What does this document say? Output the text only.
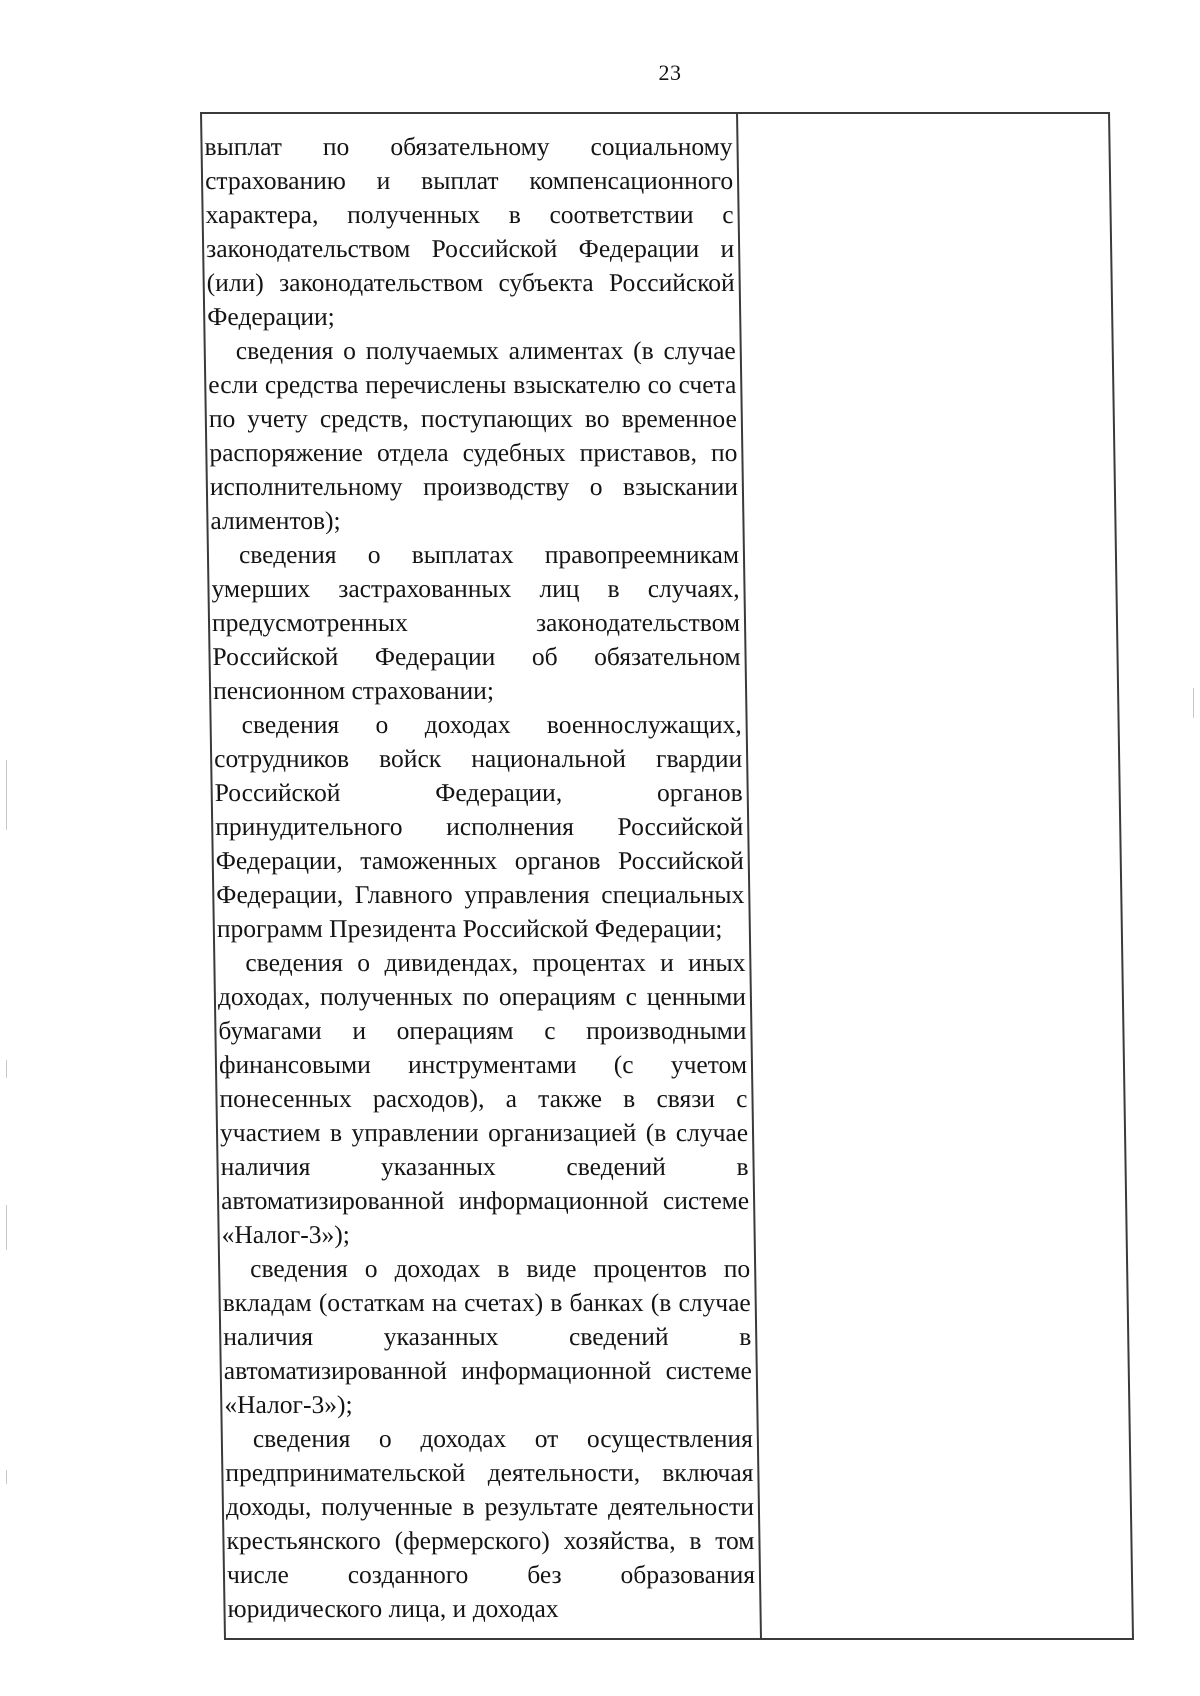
23

выплат по обязательному социальному страхованию и выплат компенсационного характера, полученных в соответствии с законодательством Российской Федерации и (или) законодательством субъекта Российской Федерации;

сведения о получаемых алиментах (в случае если средства перечислены взыскателю со счета по учету средств, поступающих во временное распоряжение отдела судебных приставов, по исполнительному производству о взыскании алиментов);

сведения о выплатах правопреемникам умерших застрахованных лиц в случаях, предусмотренных законодательством Российской Федерации об обязательном пенсионном страховании;

сведения о доходах военнослужащих, сотрудников войск национальной гвардии Российской Федерации, органов принудительного исполнения Российской Федерации, таможенных органов Российской Федерации, Главного управления специальных программ Президента Российской Федерации;

сведения о дивидендах, процентах и иных доходах, полученных по операциям с ценными бумагами и операциям с производными финансовыми инструментами (с учетом понесенных расходов), а также в связи с участием в управлении организацией (в случае наличия указанных сведений в автоматизированной информационной системе «Налог-3»);

сведения о доходах в виде процентов по вкладам (остаткам на счетах) в банках (в случае наличия указанных сведений в автоматизированной информационной системе «Налог-3»);

сведения о доходах от осуществления предпринимательской деятельности, включая доходы, полученные в результате деятельности крестьянского (фермерского) хозяйства, в том числе созданного без образования юридического лица, и доходах
